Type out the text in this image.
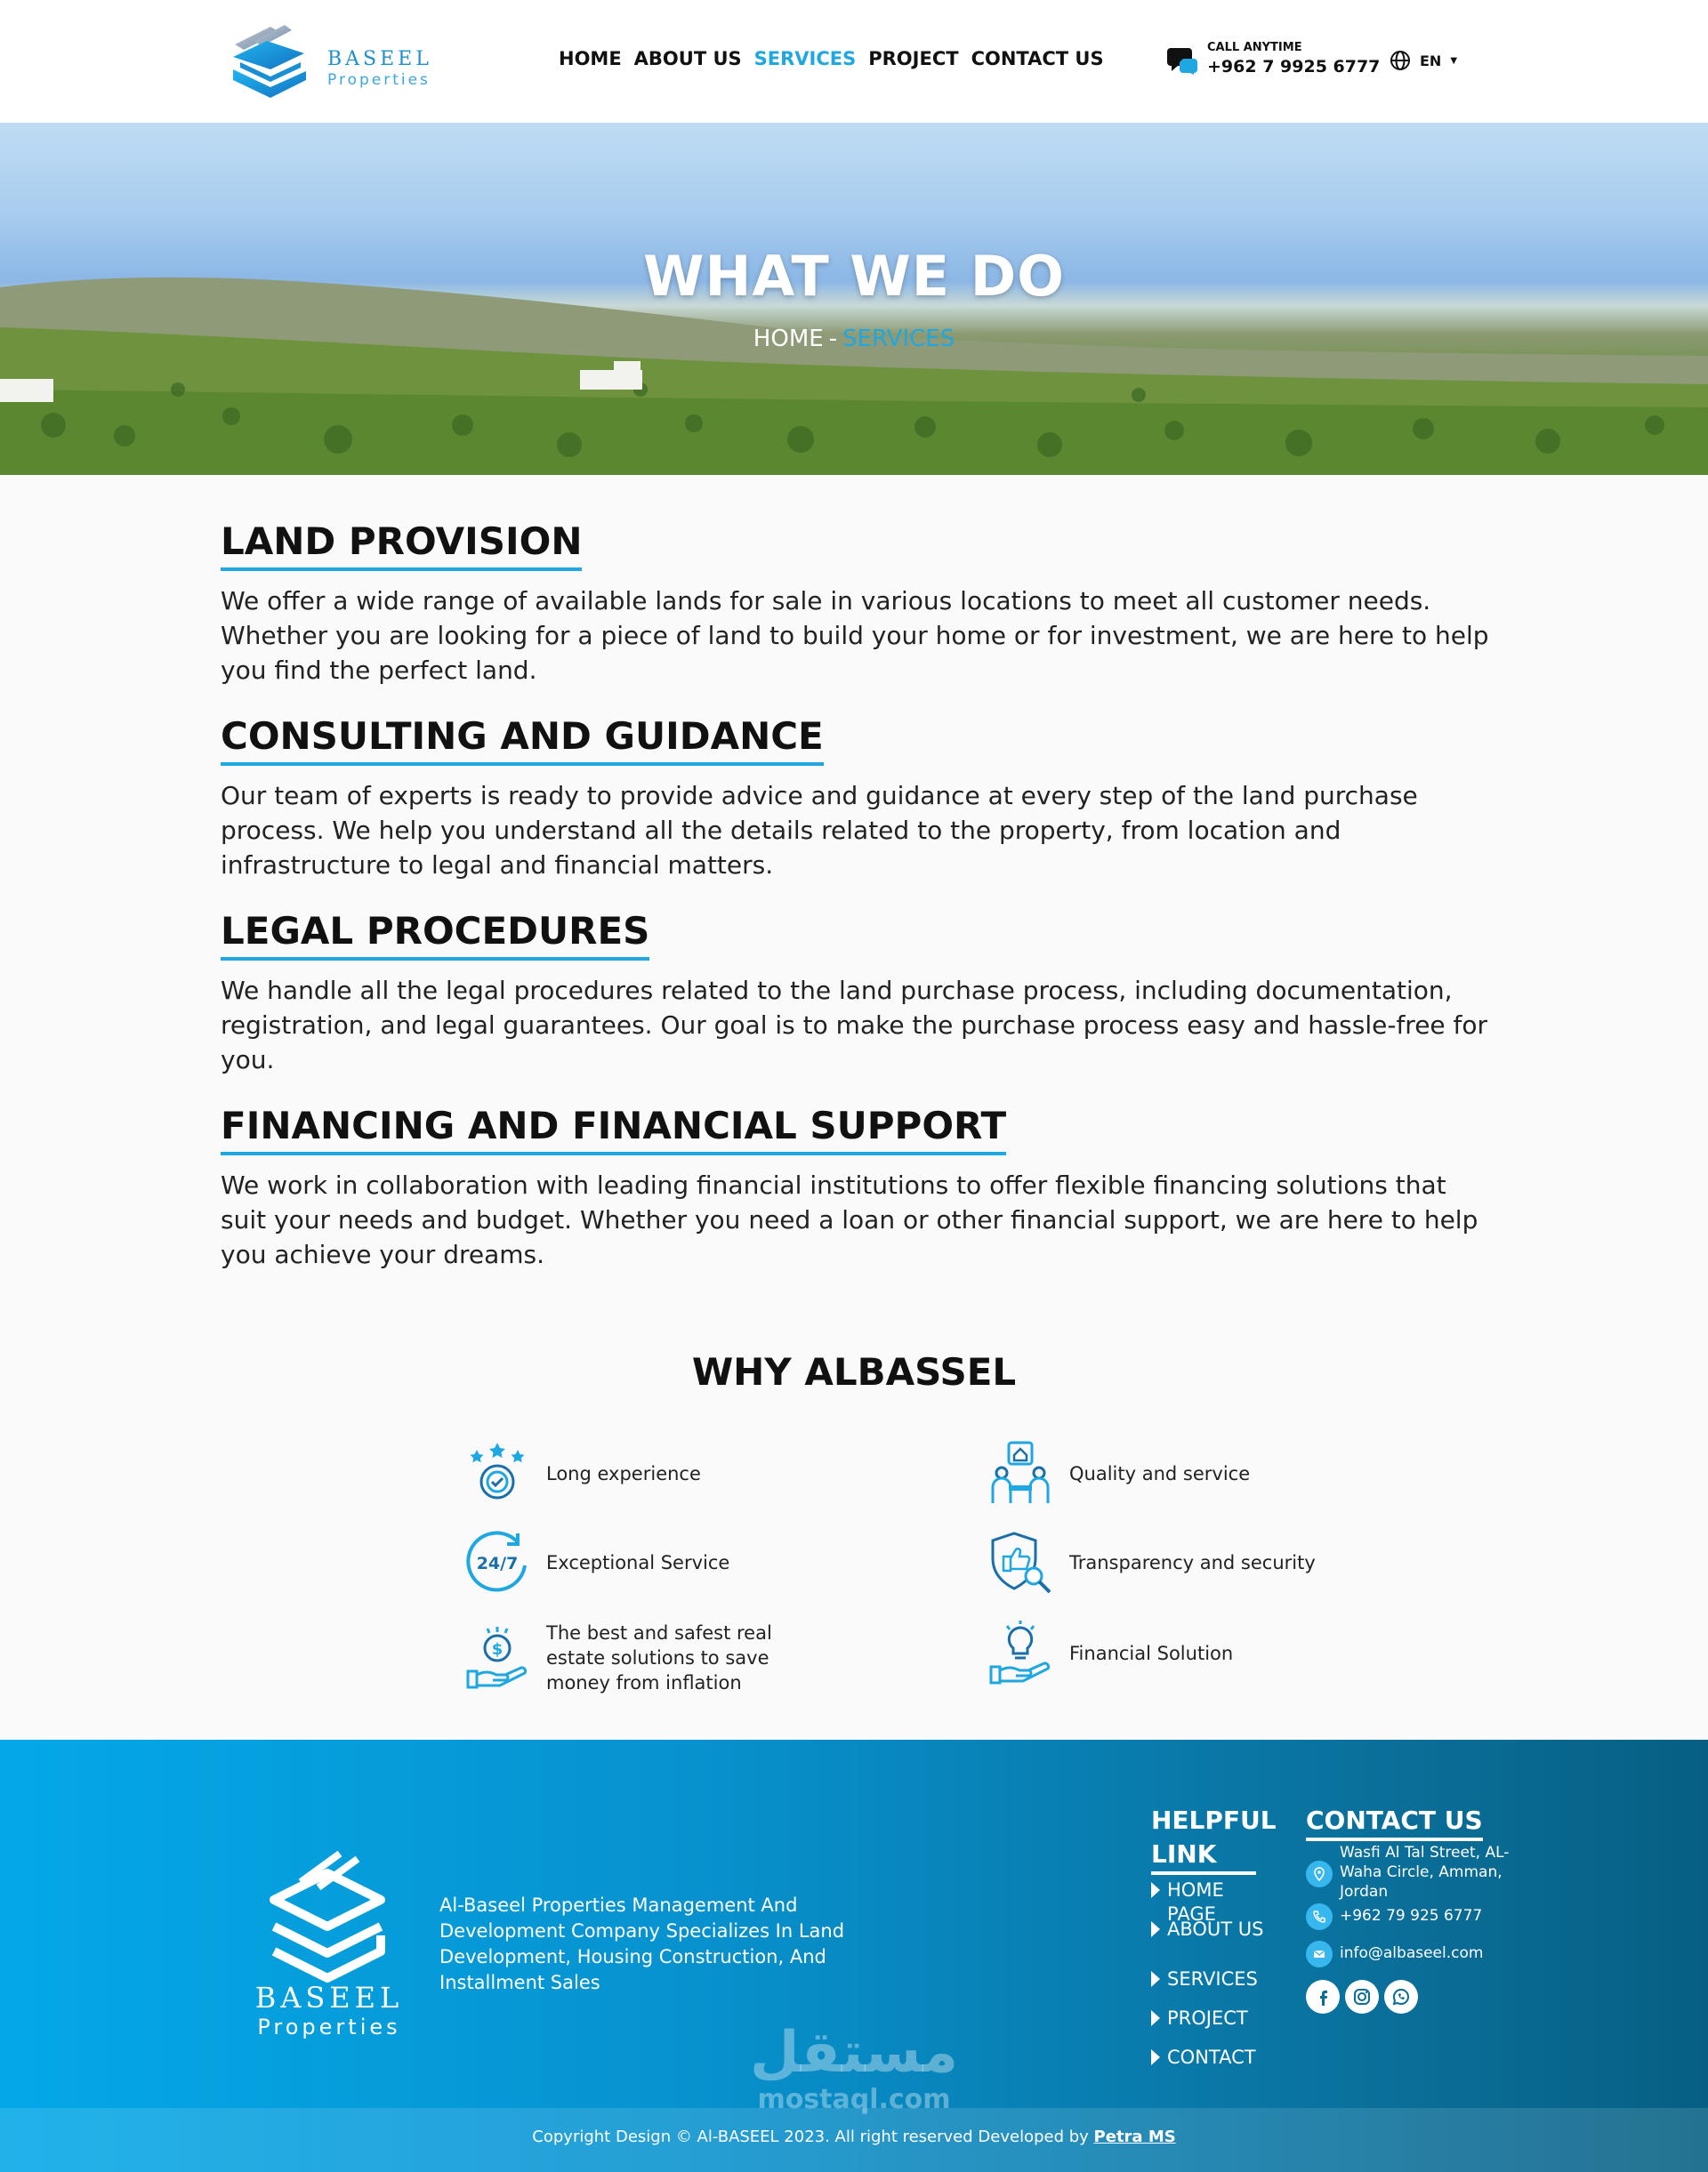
BASEEL
Properties
HOME ABOUT US SERVICES PROJECT CONTACT US
CALL ANYTIME
+962 7 9925 6777	EN ▼
WHAT WE DO
HOME - SERVICES
LAND PROVISION

We offer a wide range of available lands for sale in various locations to meet all customer needs. Whether you are looking for a piece of land to build your home or for investment, we are here to help you find the perfect land.

CONSULTING AND GUIDANCE

Our team of experts is ready to provide advice and guidance at every step of the land purchase process. We help you understand all the details related to the property, from location and infrastructure to legal and financial matters.

LEGAL PROCEDURES

We handle all the legal procedures related to the land purchase process, including documentation, registration, and legal guarantees. Our goal is to make the purchase process easy and hassle-free for you.

FINANCING AND FINANCIAL SUPPORT

We work in collaboration with leading financial institutions to offer flexible financing solutions that suit your needs and budget. Whether you need a loan or other financial support, we are here to help you achieve your dreams.

WHY ALBASSEL
Long experience	Quality and service
24/7 Exceptional Service	Transparency and security
$
The best and safest real estate solutions to save money from inflation
Financial Solution
BASEEL
Properties
Al-Baseel Properties Management And Development Company Specializes In Land Development, Housing Construction, And Installment Sales
HELPFUL LINK
HOME PAGE
ABOUT US
SERVICES
PROJECT
CONTACT
CONTACT US
Wasfi Al Tal Street, AL-Waha Circle, Amman, Jordan
+962 79 925 6777
info@albaseel.com
مستقل
mostaql.com
Copyright Design © Al-BASEEL 2023. All right reserved Developed by Petra MS
